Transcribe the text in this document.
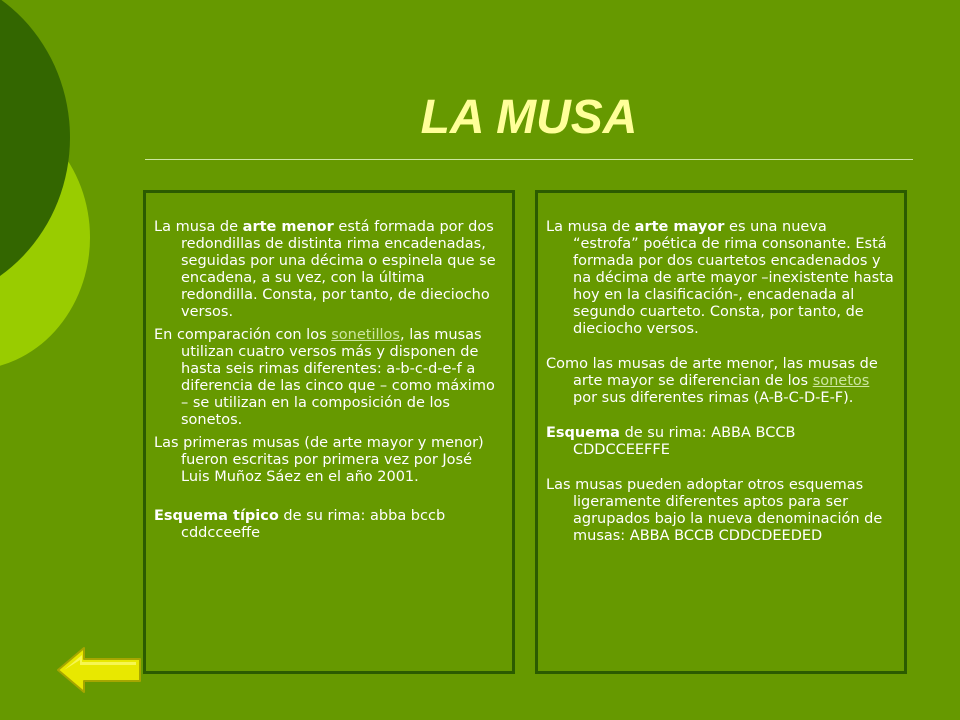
LA MUSA

La musa de arte menor está formada por dos redondillas de distinta rima encadenadas, seguidas por una décima o espinela que se encadena, a su vez, con la última redondilla. Consta, por tanto, de dieciocho versos.

En comparación con los sonetillos, las musas utilizan cuatro versos más y disponen de hasta seis rimas diferentes: a-b-c-d-e-f a diferencia de las cinco que – como máximo – se utilizan en la composición de los sonetos.

Las primeras musas (de arte mayor y menor) fueron escritas por primera vez por José Luis Muñoz Sáez en el año 2001.

Esquema típico de su rima: abba bccb cddcceeffe

La musa de arte mayor es una nueva “estrofa” poética de rima consonante. Está formada por dos cuartetos encadenados y na décima de arte mayor –inexistente hasta hoy en la clasificación-, encadenada al segundo cuarteto. Consta, por tanto, de dieciocho versos.

Como las musas de arte menor, las musas de arte mayor se diferencian de los sonetos por sus diferentes rimas (A-B-C-D-E-F).

Esquema de su rima: ABBA BCCB CDDCCEEFFE

Las musas pueden adoptar otros esquemas ligeramente diferentes aptos para ser agrupados bajo la nueva denominación de musas: ABBA BCCB CDDCDEEDED
